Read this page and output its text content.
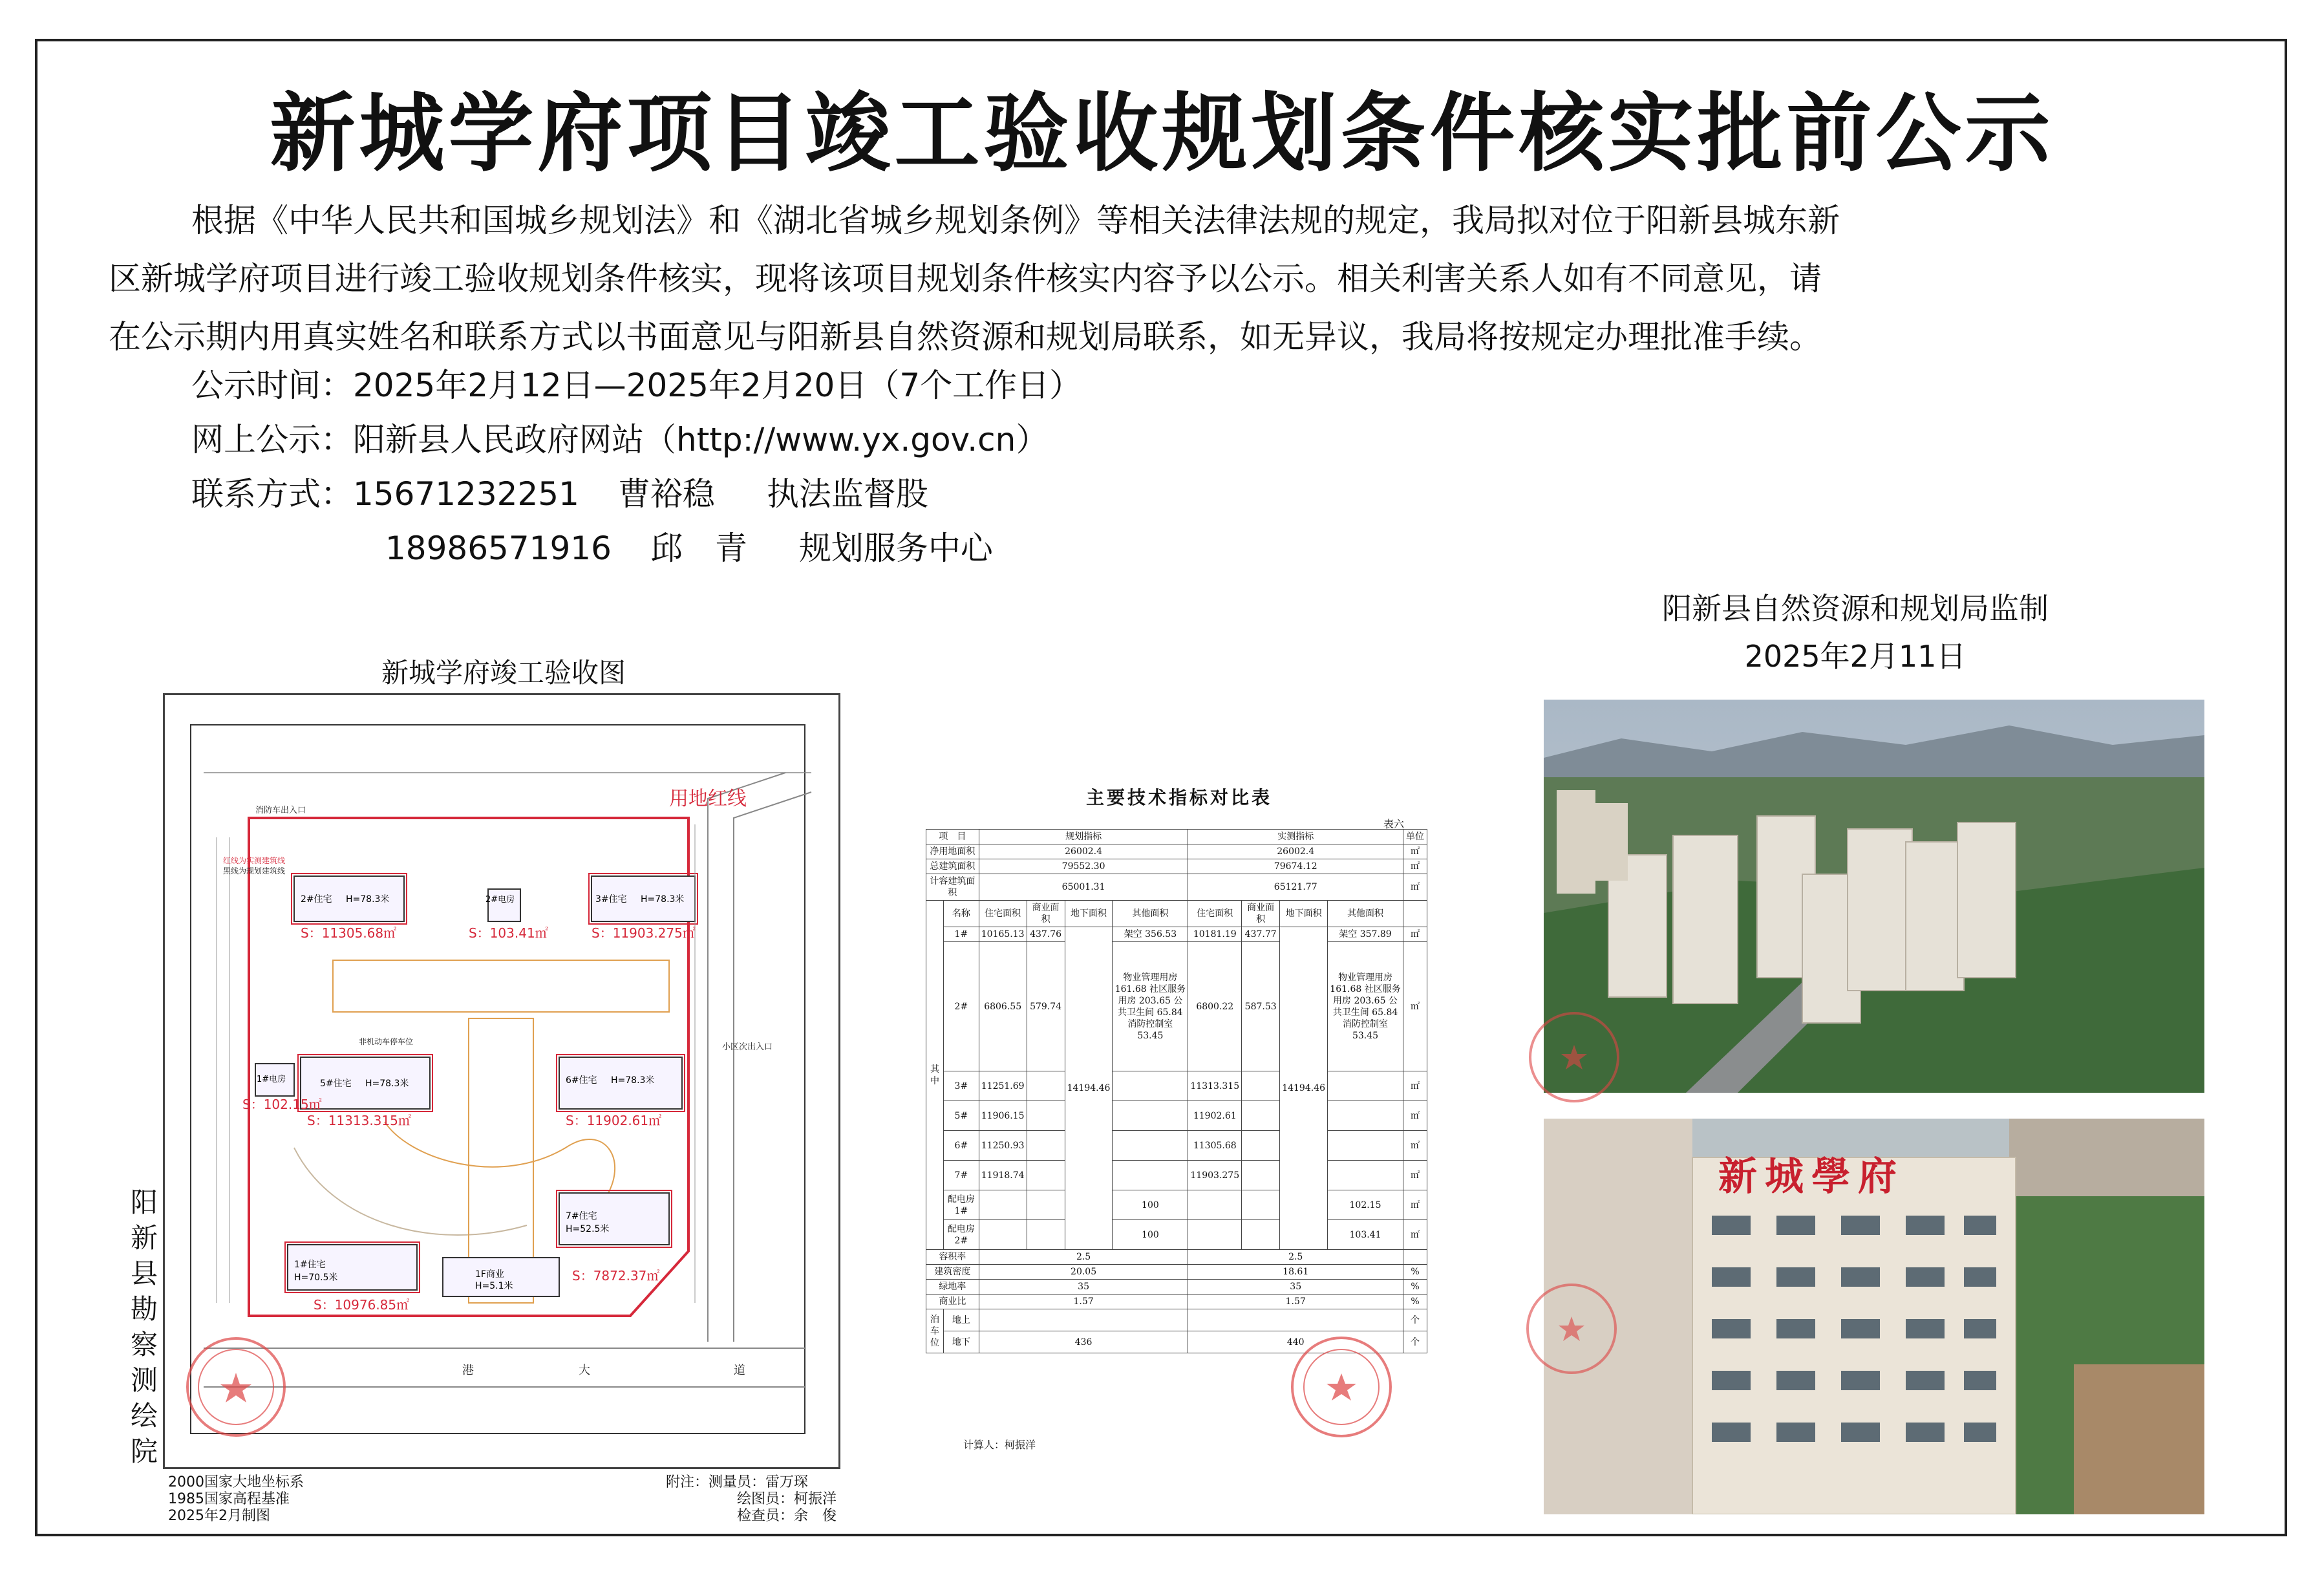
新城学府项目竣工验收规划条件核实批前公示
根据《中华人民共和国城乡规划法》和《湖北省城乡规划条例》等相关法律法规的规定，我局拟对位于阳新县城东新
区新城学府项目进行竣工验收规划条件核实，现将该项目规划条件核实内容予以公示。相关利害关系人如有不同意见，请
在公示期内用真实姓名和联系方式以书面意见与阳新县自然资源和规划局联系，如无异议，我局将按规定办理批准手续。
公示时间：2025年2月12日—2025年2月20日（7个工作日）
网上公示：阳新县人民政府网站（http://www.yx.gov.cn）
联系方式：15671232251 曹裕稳 执法监督股
18986571916 邱　青 规划服务中心
阳新县自然资源和规划局监制
2025年2月11日
新城学府竣工验收图
阳
新
县
勘
察
测
绘
院
用地红线
消防车出入口
小区次出入口
港	大	道
红线为实测建筑线
黑线为规划建筑线
非机动车停车位
2#住宅 H=78.3米
S：11305.68㎡
2#电房
S：103.41㎡
3#住宅 H=78.3米
S：11903.275㎡
5#住宅 H=78.3米
S：11313.315㎡
1#电房
S：102.15㎡
6#住宅 H=78.3米
S：11902.61㎡
1#住宅
H=70.5米
S：10976.85㎡
7#住宅
H=52.5米
S：7872.37㎡
1F商业
H=5.1米
2000国家大地坐标系
1985国家高程基准
2025年2月制图
附注：测量员：雷万琛
绘图员：柯振洋
检查员：余　俊
主要技术指标对比表
表六
项　目		规划指标				实测指标				单位
净用地面积		26002.4				26002.4				㎡
总建筑面积		79552.30				79674.12				㎡
计容建筑面积		65001.31				65121.77				㎡
其中	名称	住宅面积	商业面积	地下面积	其他面积	住宅面积	商业面积	地下面积	其他面积	
	1#	10165.13	437.76	14194.46	架空 356.53	10181.19	437.77	14194.46	架空 357.89	㎡
	2#	6806.55	579.74		物业管理用房 161.68 社区服务用房 203.65 公共卫生间 65.84 消防控制室 53.45	6800.22	587.53		物业管理用房 161.68 社区服务用房 203.65 公共卫生间 65.84 消防控制室 53.45	㎡
	3#	11251.69				11313.315				㎡
	5#	11906.15				11902.61				㎡
	6#	11250.93				11305.68				㎡
	7#	11918.74				11903.275				㎡
	配电房1#				100				102.15	㎡
	配电房2#				100				103.41	㎡
容积率		2.5				2.5				
建筑密度		20.05				18.61				%
绿地率		35				35				%
商业比		1.57				1.57				%
泊车位	地上									个
	地下	436				440				个
计算人：柯振洋
新城學府
